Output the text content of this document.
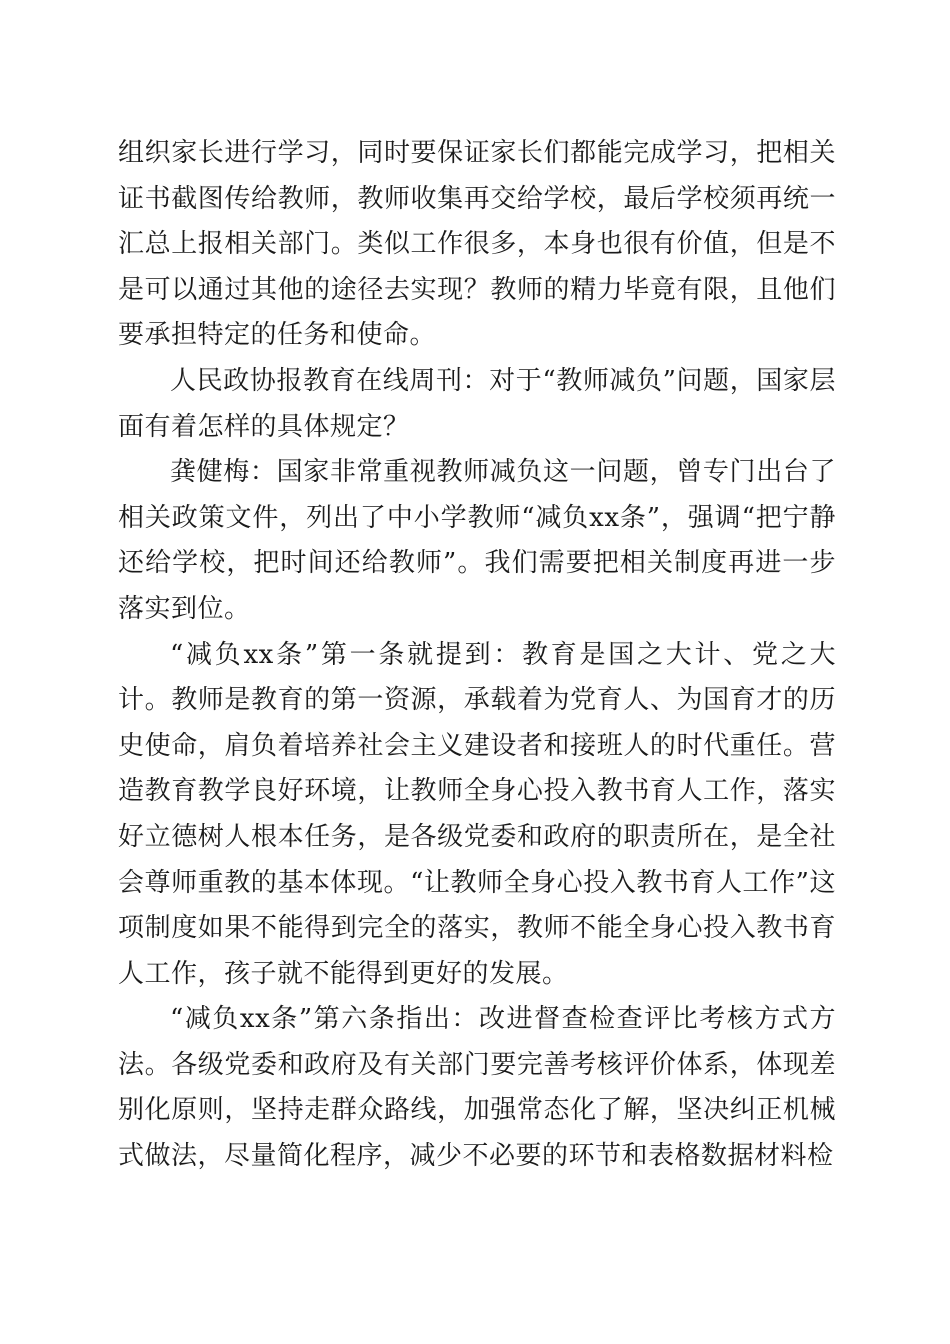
组织家长进行学习，同时要保证家长们都能完成学习，把相关证书截图传给教师，教师收集再交给学校，最后学校须再统一汇总上报相关部门。类似工作很多，本身也很有价值，但是不是可以通过其他的途径去实现？教师的精力毕竟有限，且他们要承担特定的任务和使命。

人民政协报教育在线周刊：对于“教师减负”问题，国家层面有着怎样的具体规定？

龚健梅：国家非常重视教师减负这一问题，曾专门出台了相关政策文件，列出了中小学教师“减负xx条”，强调“把宁静还给学校，把时间还给教师”。我们需要把相关制度再进一步落实到位。

“减负xx条”第一条就提到：教育是国之大计、党之大计。教师是教育的第一资源，承载着为党育人、为国育才的历史使命，肩负着培养社会主义建设者和接班人的时代重任。营造教育教学良好环境，让教师全身心投入教书育人工作，落实好立德树人根本任务，是各级党委和政府的职责所在，是全社会尊师重教的基本体现。“让教师全身心投入教书育人工作”这项制度如果不能得到完全的落实，教师不能全身心投入教书育人工作，孩子就不能得到更好的发展。

“减负xx条”第六条指出：改进督查检查评比考核方式方法。各级党委和政府及有关部门要完善考核评价体系，体现差别化原则，坚持走群众路线，加强常态化了解，坚决纠正机械式做法，尽量简化程序，减少不必要的环节和表格数据材料检
